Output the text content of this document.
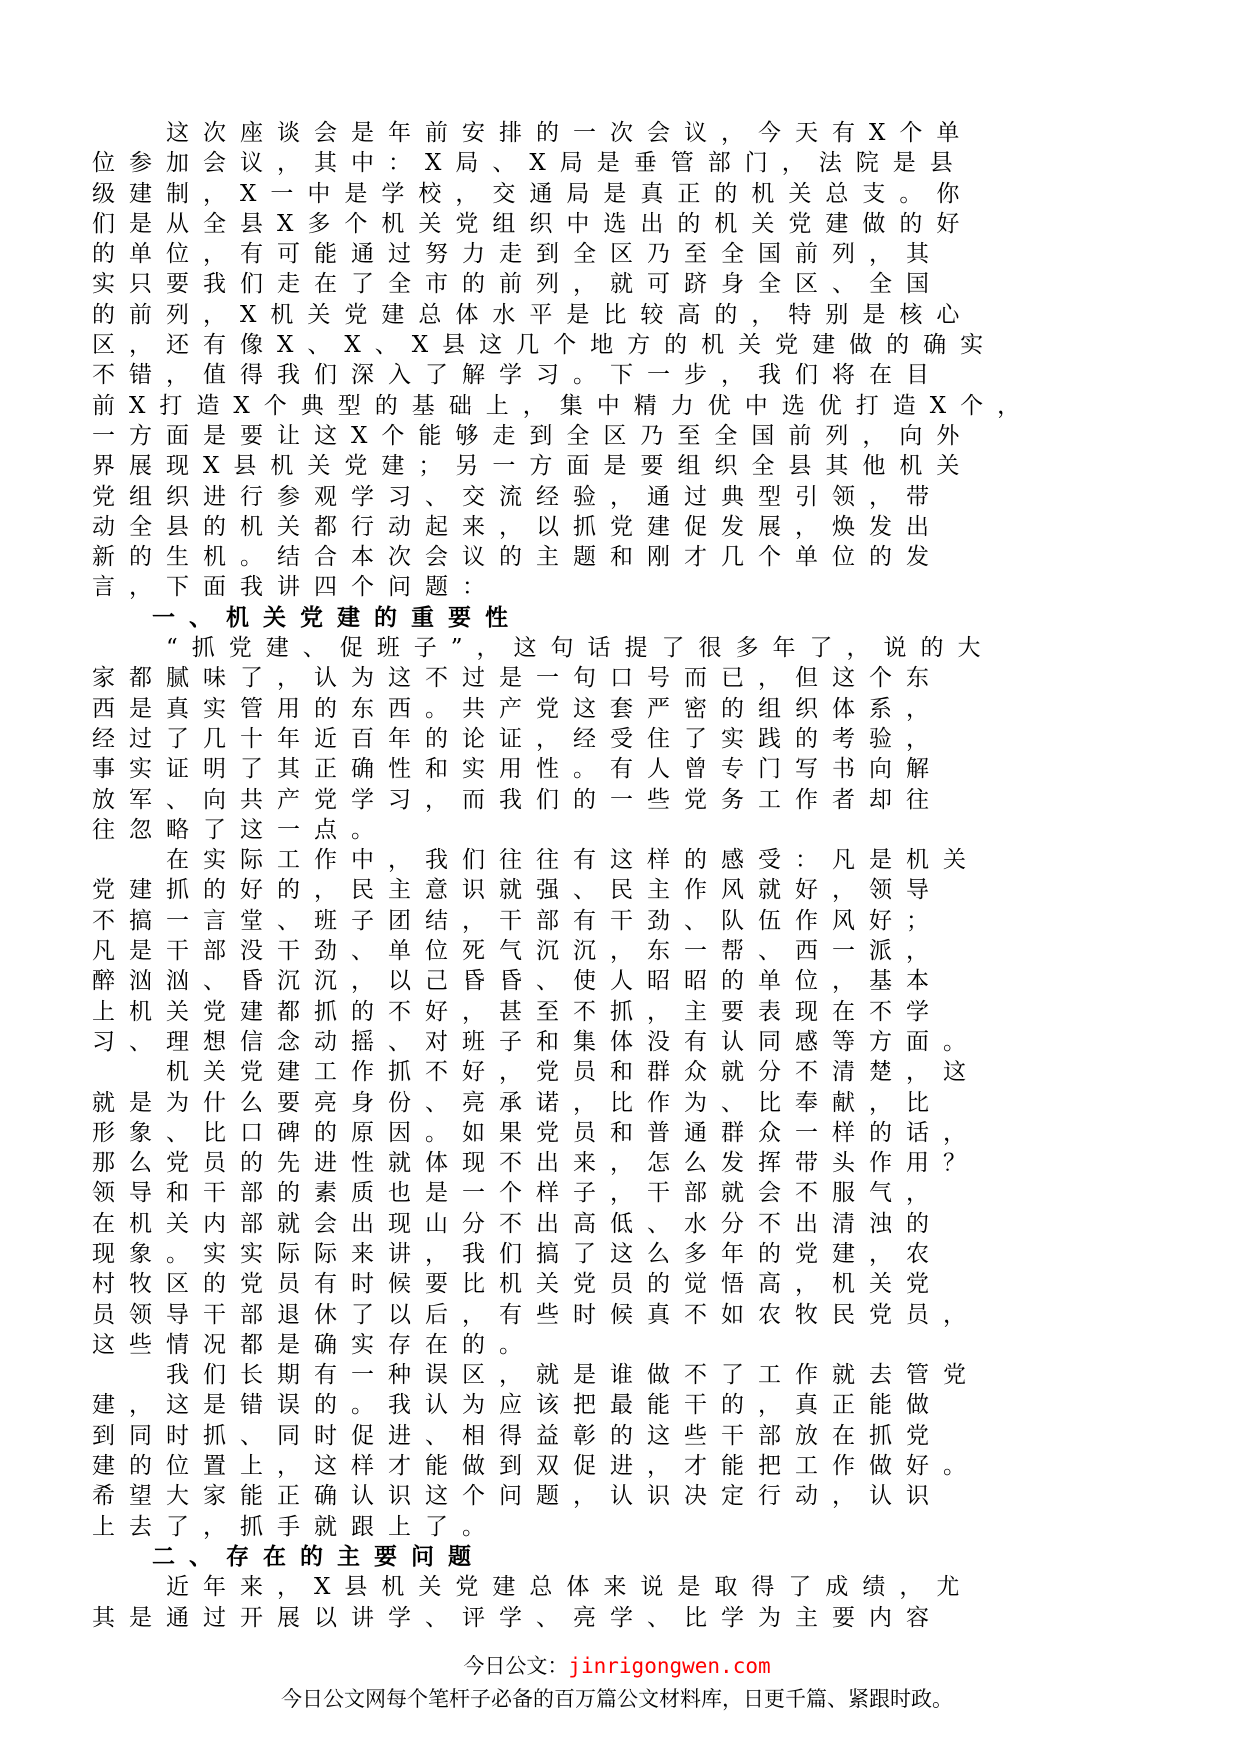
　　这次座谈会是年前安排的一次会议，今天有X个单
位参加会议，其中：X局、X局是垂管部门，法院是县
级建制，X一中是学校，交通局是真正的机关总支。你
们是从全县X多个机关党组织中选出的机关党建做的好
的单位，有可能通过努力走到全区乃至全国前列，其
实只要我们走在了全市的前列，就可跻身全区、全国
的前列，X机关党建总体水平是比较高的，特别是核心
区，还有像X、X、X县这几个地方的机关党建做的确实
不错，值得我们深入了解学习。下一步，我们将在目
前X打造X个典型的基础上，集中精力优中选优打造X个，
一方面是要让这X个能够走到全区乃至全国前列，向外
界展现X县机关党建；另一方面是要组织全县其他机关
党组织进行参观学习、交流经验，通过典型引领，带
动全县的机关都行动起来，以抓党建促发展，焕发出
新的生机。结合本次会议的主题和刚才几个单位的发
言，下面我讲四个问题：
一、机关党建的重要性
　　“抓党建、促班子”，这句话提了很多年了，说的大
家都腻味了，认为这不过是一句口号而已，但这个东
西是真实管用的东西。共产党这套严密的组织体系，
经过了几十年近百年的论证，经受住了实践的考验，
事实证明了其正确性和实用性。有人曾专门写书向解
放军、向共产党学习，而我们的一些党务工作者却往
往忽略了这一点。
　　在实际工作中，我们往往有这样的感受：凡是机关
党建抓的好的，民主意识就强、民主作风就好，领导
不搞一言堂、班子团结，干部有干劲、队伍作风好；
凡是干部没干劲、单位死气沉沉，东一帮、西一派，
醉汹汹、昏沉沉，以己昏昏、使人昭昭的单位，基本
上机关党建都抓的不好，甚至不抓，主要表现在不学
习、理想信念动摇、对班子和集体没有认同感等方面。
　　机关党建工作抓不好，党员和群众就分不清楚，这
就是为什么要亮身份、亮承诺，比作为、比奉献，比
形象、比口碑的原因。如果党员和普通群众一样的话，
那么党员的先进性就体现不出来，怎么发挥带头作用？
领导和干部的素质也是一个样子，干部就会不服气，
在机关内部就会出现山分不出高低、水分不出清浊的
现象。实实际际来讲，我们搞了这么多年的党建，农
村牧区的党员有时候要比机关党员的觉悟高，机关党
员领导干部退休了以后，有些时候真不如农牧民党员，
这些情况都是确实存在的。
　　我们长期有一种误区，就是谁做不了工作就去管党
建，这是错误的。我认为应该把最能干的，真正能做
到同时抓、同时促进、相得益彰的这些干部放在抓党
建的位置上，这样才能做到双促进，才能把工作做好。
希望大家能正确认识这个问题，认识决定行动，认识
上去了，抓手就跟上了。
二、存在的主要问题
　　近年来，X县机关党建总体来说是取得了成绩，尤
其是通过开展以讲学、评学、亮学、比学为主要内容
今日公文：jinrigongwen.com
今日公文网每个笔杆子必备的百万篇公文材料库，日更千篇、紧跟时政。
